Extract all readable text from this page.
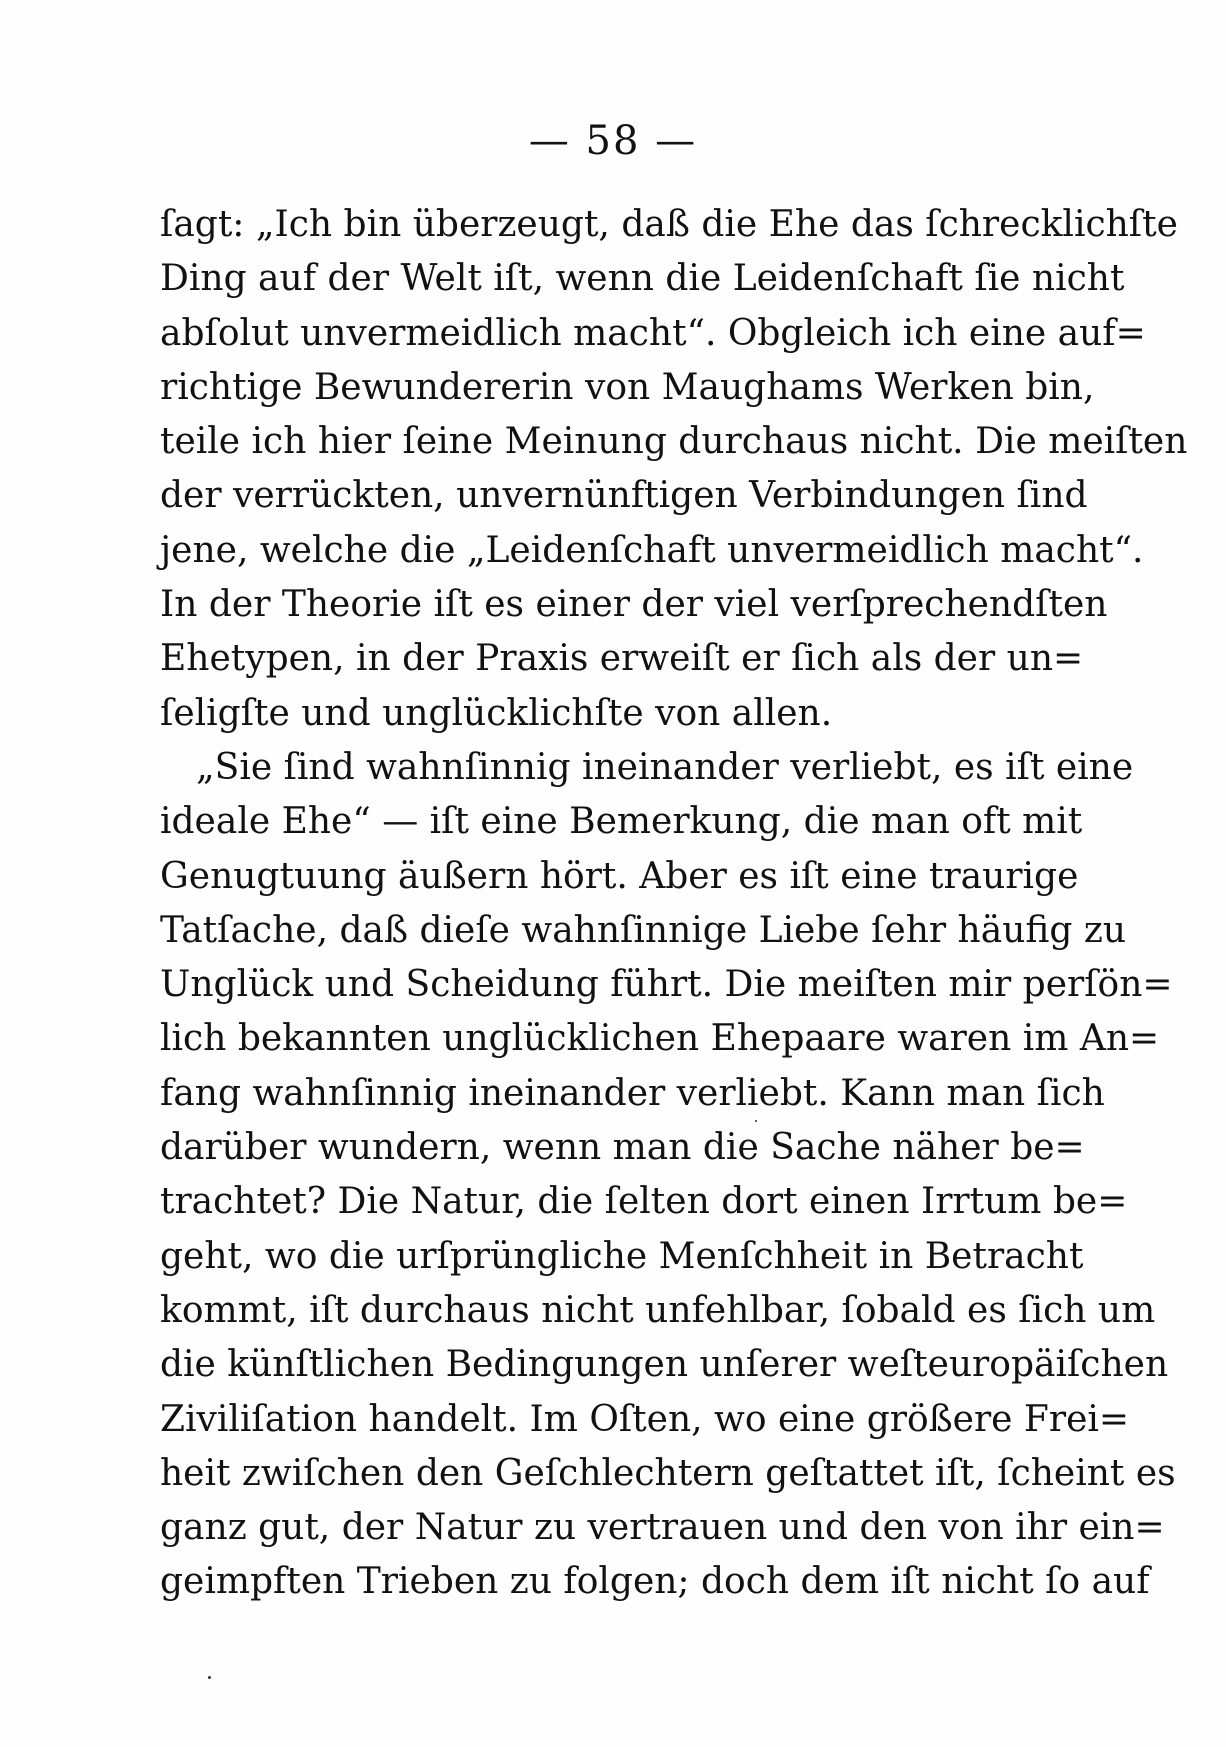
— 58 —
ſagt: „Ich bin überzeugt, daß die Ehe das ſchrecklichſte
Ding auf der Welt iſt, wenn die Leidenſchaft ſie nicht
abſolut unvermeidlich macht“. Obgleich ich eine auf=
richtige Bewundererin von Maughams Werken bin,
teile ich hier ſeine Meinung durchaus nicht. Die meiſten
der verrückten, unvernünftigen Verbindungen ſind
jene, welche die „Leidenſchaft unvermeidlich macht“.
In der Theorie iſt es einer der viel verſprechendſten
Ehetypen, in der Praxis erweiſt er ſich als der un=
ſeligſte und unglücklichſte von allen.
„Sie ſind wahnſinnig ineinander verliebt, es iſt eine
ideale Ehe“ — iſt eine Bemerkung, die man oft mit
Genugtuung äußern hört. Aber es iſt eine traurige
Tatſache, daß dieſe wahnſinnige Liebe ſehr häufig zu
Unglück und Scheidung führt. Die meiſten mir perſön=
lich bekannten unglücklichen Ehepaare waren im An=
fang wahnſinnig ineinander verliebt. Kann man ſich
darüber wundern, wenn man die Sache näher be=
trachtet? Die Natur, die ſelten dort einen Irrtum be=
geht, wo die urſprüngliche Menſchheit in Betracht
kommt, iſt durchaus nicht unfehlbar, ſobald es ſich um
die künſtlichen Bedingungen unſerer weſteuropäiſchen
Ziviliſation handelt. Im Oſten, wo eine größere Frei=
heit zwiſchen den Geſchlechtern geſtattet iſt, ſcheint es
ganz gut, der Natur zu vertrauen und den von ihr ein=
geimpften Trieben zu folgen; doch dem iſt nicht ſo auf
